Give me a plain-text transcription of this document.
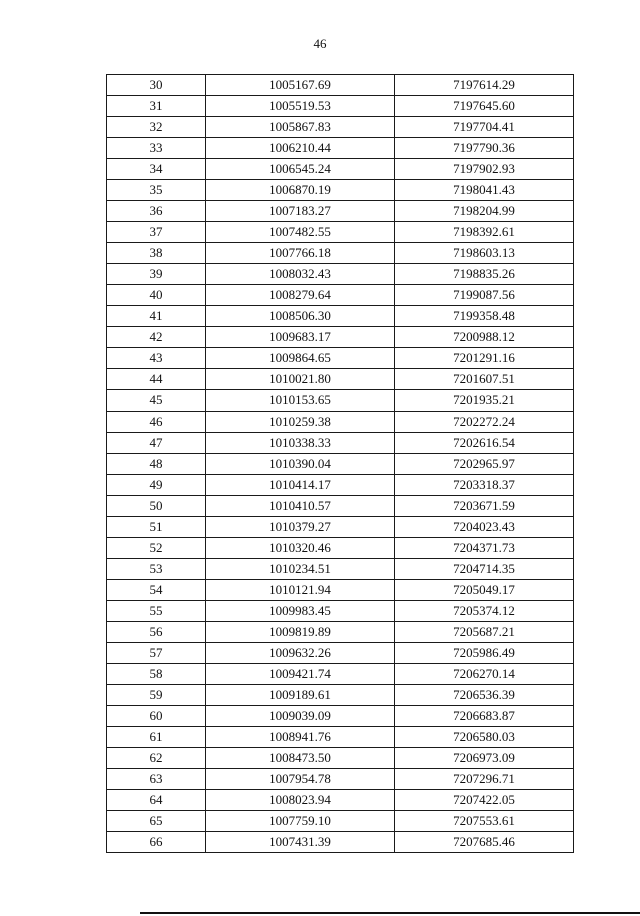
46
30	1005167.69	7197614.29
31	1005519.53	7197645.60
32	1005867.83	7197704.41
33	1006210.44	7197790.36
34	1006545.24	7197902.93
35	1006870.19	7198041.43
36	1007183.27	7198204.99
37	1007482.55	7198392.61
38	1007766.18	7198603.13
39	1008032.43	7198835.26
40	1008279.64	7199087.56
41	1008506.30	7199358.48
42	1009683.17	7200988.12
43	1009864.65	7201291.16
44	1010021.80	7201607.51
45	1010153.65	7201935.21
46	1010259.38	7202272.24
47	1010338.33	7202616.54
48	1010390.04	7202965.97
49	1010414.17	7203318.37
50	1010410.57	7203671.59
51	1010379.27	7204023.43
52	1010320.46	7204371.73
53	1010234.51	7204714.35
54	1010121.94	7205049.17
55	1009983.45	7205374.12
56	1009819.89	7205687.21
57	1009632.26	7205986.49
58	1009421.74	7206270.14
59	1009189.61	7206536.39
60	1009039.09	7206683.87
61	1008941.76	7206580.03
62	1008473.50	7206973.09
63	1007954.78	7207296.71
64	1008023.94	7207422.05
65	1007759.10	7207553.61
66	1007431.39	7207685.46
